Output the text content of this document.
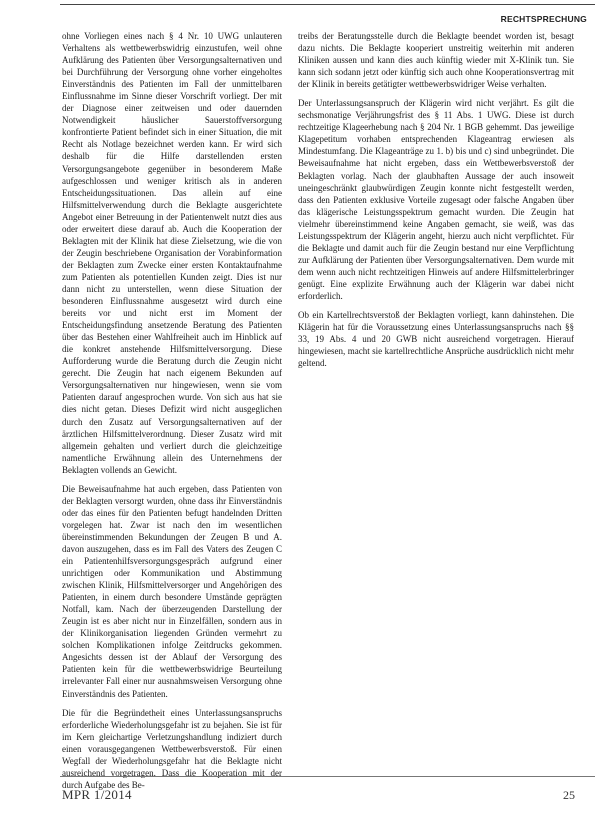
RECHTSPRECHUNG

ohne Vorliegen eines nach § 4 Nr. 10 UWG unlauteren Verhaltens als wettbewerbswidrig einzustufen, weil ohne Aufklärung des Patienten über Versorgungsalternativen und bei Durchführung der Versorgung ohne vorher eingeholtes Einverständnis des Patienten im Fall der unmittelbaren Einflussnahme im Sinne dieser Vorschrift vorliegt. Der mit der Diagnose einer zeitweisen und oder dauernden Notwendigkeit häuslicher Sauerstoffversorgung konfrontierte Patient befindet sich in einer Situation, die mit Recht als Notlage bezeichnet werden kann. Er wird sich deshalb für die Hilfe darstellenden ersten Versorgungsangebote gegenüber in besonderem Maße aufgeschlossen und weniger kritisch als in anderen Entscheidungssituationen. Das allein auf eine Hilfsmittelverwendung durch die Beklagte ausgerichtete Angebot einer Betreuung in der Patientenwelt nutzt dies aus oder erweitert diese darauf ab. Auch die Kooperation der Beklagten mit der Klinik hat diese Zielsetzung, wie die von der Zeugin beschriebene Organisation der Vorabinformation der Beklagten zum Zwecke einer ersten Kontaktaufnahme zum Patienten als potentiellen Kunden zeigt. Dies ist nur dann nicht zu unterstellen, wenn diese Situation der besonderen Einflussnahme ausgesetzt wird durch eine bereits vor und nicht erst im Moment der Entscheidungsfindung ansetzende Beratung des Patienten über das Bestehen einer Wahlfreiheit auch im Hinblick auf die konkret anstehende Hilfsmittelversorgung. Diese Aufforderung wurde die Beratung durch die Zeugin nicht gerecht. Die Zeugin hat nach eigenem Bekunden auf Versorgungsalternativen nur hingewiesen, wenn sie vom Patienten darauf angesprochen wurde. Von sich aus hat sie dies nicht getan. Dieses Defizit wird nicht ausgeglichen durch den Zusatz auf Versorgungsalternativen auf der ärztlichen Hilfsmittelverordnung. Dieser Zusatz wird mit allgemein gehalten und verliert durch die gleichzeitige namentliche Erwähnung allein des Unternehmens der Beklagten vollends an Gewicht.

Die Beweisaufnahme hat auch ergeben, dass Patienten von der Beklagten versorgt wurden, ohne dass ihr Einverständnis oder das eines für den Patienten befugt handelnden Dritten vorgelegen hat. Zwar ist nach den im wesentlichen übereinstimmenden Bekundungen der Zeugen B und A. davon auszugehen, dass es im Fall des Vaters des Zeugen C ein Patientenhilfsversorgungsgespräch aufgrund einer unrichtigen oder Kommunikation und Abstimmung zwischen Klinik, Hilfsmittelversorger und Angehörigen des Patienten, in einem durch besondere Umstände geprägten Notfall, kam. Nach der überzeugenden Darstellung der Zeugin ist es aber nicht nur in Einzelfällen, sondern aus in der Klinikorganisation liegenden Gründen vermehrt zu solchen Komplikationen infolge Zeitdrucks gekommen. Angesichts dessen ist der Ablauf der Versorgung des Patienten kein für die wettbewerbswidrige Beurteilung irrelevanter Fall einer nur ausnahmsweisen Versorgung ohne Einverständnis des Patienten.

Die für die Begründetheit eines Unterlassungsanspruchs erforderliche Wiederholungsgefahr ist zu bejahen. Sie ist für im Kern gleichartige Verletzungshandlung indiziert durch einen vorausgegangenen Wettbewerbsverstoß. Für einen Wegfall der Wiederholungsgefahr hat die Beklagte nicht ausreichend vorgetragen. Dass die Kooperation mit der durch Aufgabe des Be-

treibs der Beratungsstelle durch die Beklagte beendet worden ist, besagt dazu nichts. Die Beklagte kooperiert unstreitig weiterhin mit anderen Kliniken aussen und kann dies auch künftig wieder mit X-Klinik tun. Sie kann sich sodann jetzt oder künftig sich auch ohne Kooperationsvertrag mit der Klinik in bereits getätigter wettbewerbswidriger Weise verhalten.

Der Unterlassungsanspruch der Klägerin wird nicht verjährt. Es gilt die sechsmonatige Verjährungsfrist des § 11 Abs. 1 UWG. Diese ist durch rechtzeitige Klageerhebung nach § 204 Nr. 1 BGB gehemmt. Das jeweilige Klagepetitum vorhaben entsprechenden Klageantrag erwiesen als Mindestumfang. Die Klageanträge zu 1. b) bis und c) sind unbegründet. Die Beweisaufnahme hat nicht ergeben, dass ein Wettbewerbsverstoß der Beklagten vorlag. Nach der glaubhaften Aussage der auch insoweit uneingeschränkt glaubwürdigen Zeugin konnte nicht festgestellt werden, dass den Patienten exklusive Vorteile zugesagt oder falsche Angaben über das klägerische Leistungsspektrum gemacht wurden. Die Zeugin hat vielmehr übereinstimmend keine Angaben gemacht, sie weiß, was das Leistungsspektrum der Klägerin angeht, hierzu auch nicht verpflichtet. Für die Beklagte und damit auch für die Zeugin bestand nur eine Verpflichtung zur Aufklärung der Patienten über Versorgungsalternativen. Dem wurde mit dem wenn auch nicht rechtzeitigen Hinweis auf andere Hilfsmittelerbringer genügt. Eine explizite Erwähnung auch der Klägerin war dabei nicht erforderlich.

Ob ein Kartellrechtsverstoß der Beklagten vorliegt, kann dahinstehen. Die Klägerin hat für die Voraussetzung eines Unterlassungsanspruchs nach §§ 33, 19 Abs. 4 und 20 GWB nicht ausreichend vorgetragen. Hierauf hingewiesen, macht sie kartellrechtliche Ansprüche ausdrücklich nicht mehr geltend.

MPR 1/2014	25
